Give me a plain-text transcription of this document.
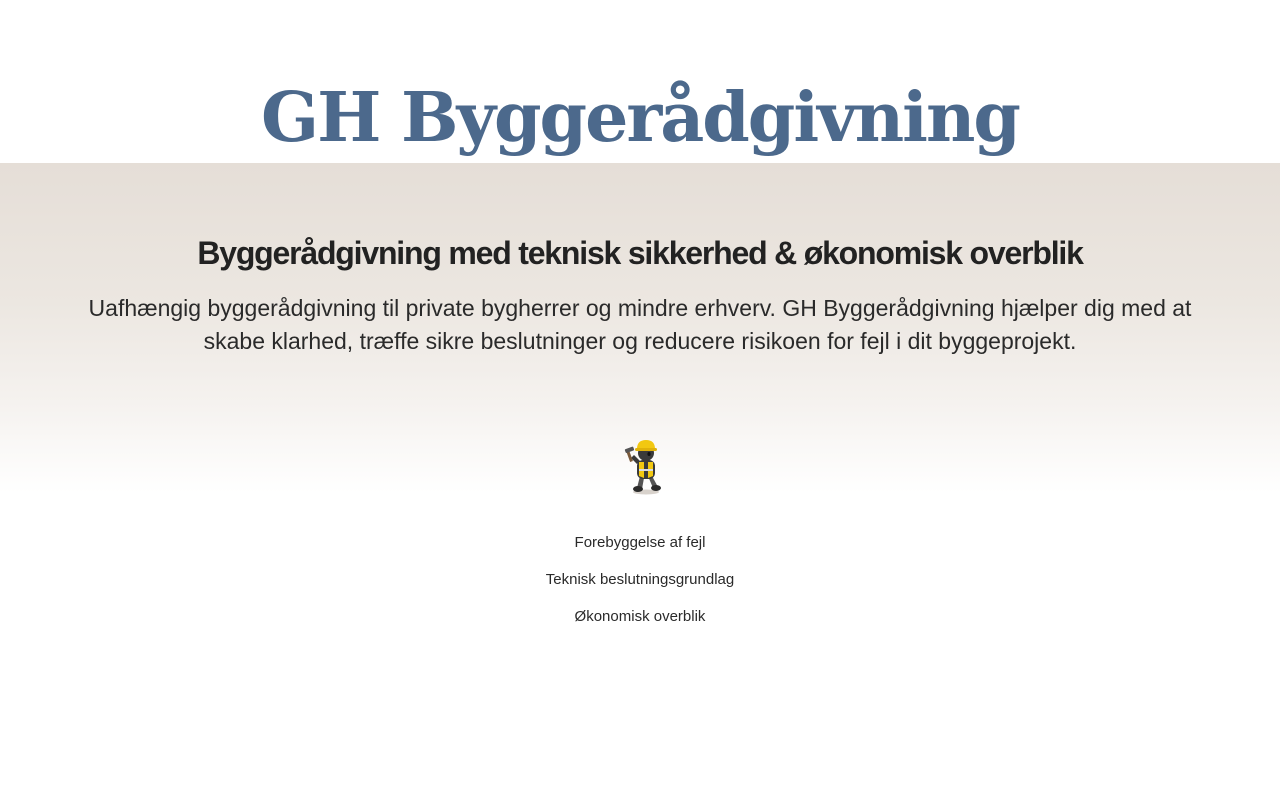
GH Byggerådgivning
Byggerådgivning med teknisk sikkerhed & økonomisk overblik

Uafhængig byggerådgivning til private bygherrer og mindre erhverv. GH Byggerådgivning hjælper dig med at skabe klarhed, træffe sikre beslutninger og reducere risikoen for fejl i dit byggeprojekt.

Forebyggelse af fejl
Teknisk beslutningsgrundlag
Økonomisk overblik
